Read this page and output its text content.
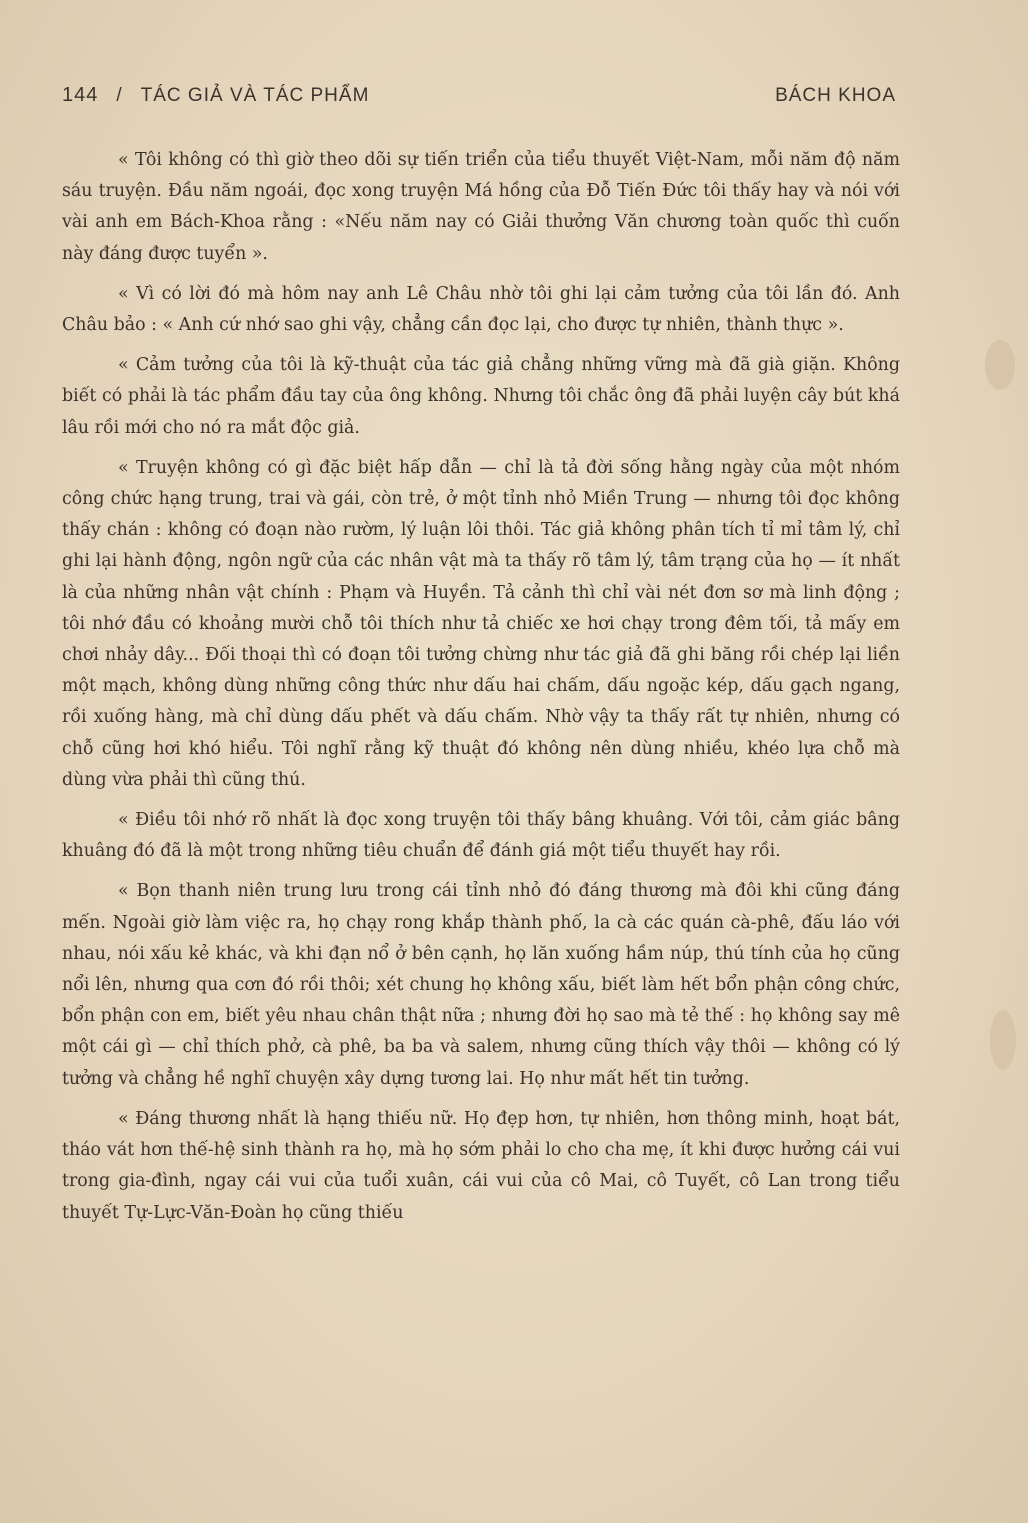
144 / TÁC GIẢ VÀ TÁC PHẨM	BÁCH KHOA

« Tôi không có thì giờ theo dõi sự tiến triển của tiểu thuyết Việt-Nam, mỗi năm độ năm sáu truyện. Đầu năm ngoái, đọc xong truyện Má hồng của Đỗ Tiến Đức tôi thấy hay và nói với vài anh em Bách-Khoa rằng : «Nếu năm nay có Giải thưởng Văn chương toàn quốc thì cuốn này đáng được tuyển ».

« Vì có lời đó mà hôm nay anh Lê Châu nhờ tôi ghi lại cảm tưởng của tôi lần đó. Anh Châu bảo : « Anh cứ nhớ sao ghi vậy, chẳng cần đọc lại, cho được tự nhiên, thành thực ».

« Cảm tưởng của tôi là kỹ-thuật của tác giả chẳng những vững mà đã già giặn. Không biết có phải là tác phẩm đầu tay của ông không. Nhưng tôi chắc ông đã phải luyện cây bút khá lâu rồi mới cho nó ra mắt độc giả.

« Truyện không có gì đặc biệt hấp dẫn — chỉ là tả đời sống hằng ngày của một nhóm công chức hạng trung, trai và gái, còn trẻ, ở một tỉnh nhỏ Miền Trung — nhưng tôi đọc không thấy chán : không có đoạn nào rườm, lý luận lôi thôi. Tác giả không phân tích tỉ mỉ tâm lý, chỉ ghi lại hành động, ngôn ngữ của các nhân vật mà ta thấy rõ tâm lý, tâm trạng của họ — ít nhất là của những nhân vật chính : Phạm và Huyền. Tả cảnh thì chỉ vài nét đơn sơ mà linh động ; tôi nhớ đầu có khoảng mười chỗ tôi thích như tả chiếc xe hơi chạy trong đêm tối, tả mấy em chơi nhảy dây... Đối thoại thì có đoạn tôi tưởng chừng như tác giả đã ghi băng rồi chép lại liền một mạch, không dùng những công thức như dấu hai chấm, dấu ngoặc kép, dấu gạch ngang, rồi xuống hàng, mà chỉ dùng dấu phết và dấu chấm. Nhờ vậy ta thấy rất tự nhiên, nhưng có chỗ cũng hơi khó hiểu. Tôi nghĩ rằng kỹ thuật đó không nên dùng nhiều, khéo lựa chỗ mà dùng vừa phải thì cũng thú.

« Điều tôi nhớ rõ nhất là đọc xong truyện tôi thấy bâng khuâng. Với tôi, cảm giác bâng khuâng đó đã là một trong những tiêu chuẩn để đánh giá một tiểu thuyết hay rồi.

« Bọn thanh niên trung lưu trong cái tỉnh nhỏ đó đáng thương mà đôi khi cũng đáng mến. Ngoài giờ làm việc ra, họ chạy rong khắp thành phố, la cà các quán cà-phê, đấu láo với nhau, nói xấu kẻ khác, và khi đạn nổ ở bên cạnh, họ lăn xuống hầm núp, thú tính của họ cũng nổi lên, nhưng qua cơn đó rồi thôi; xét chung họ không xấu, biết làm hết bổn phận công chức, bổn phận con em, biết yêu nhau chân thật nữa ; nhưng đời họ sao mà tẻ thế : họ không say mê một cái gì — chỉ thích phở, cà phê, ba ba và salem, nhưng cũng thích vậy thôi — không có lý tưởng và chẳng hề nghĩ chuyện xây dựng tương lai. Họ như mất hết tin tưởng.

« Đáng thương nhất là hạng thiếu nữ. Họ đẹp hơn, tự nhiên, hơn thông minh, hoạt bát, tháo vát hơn thế-hệ sinh thành ra họ, mà họ sớm phải lo cho cha mẹ, ít khi được hưởng cái vui trong gia-đình, ngay cái vui của tuổi xuân, cái vui của cô Mai, cô Tuyết, cô Lan trong tiểu thuyết Tự-Lực-Văn-Đoàn họ cũng thiếu
